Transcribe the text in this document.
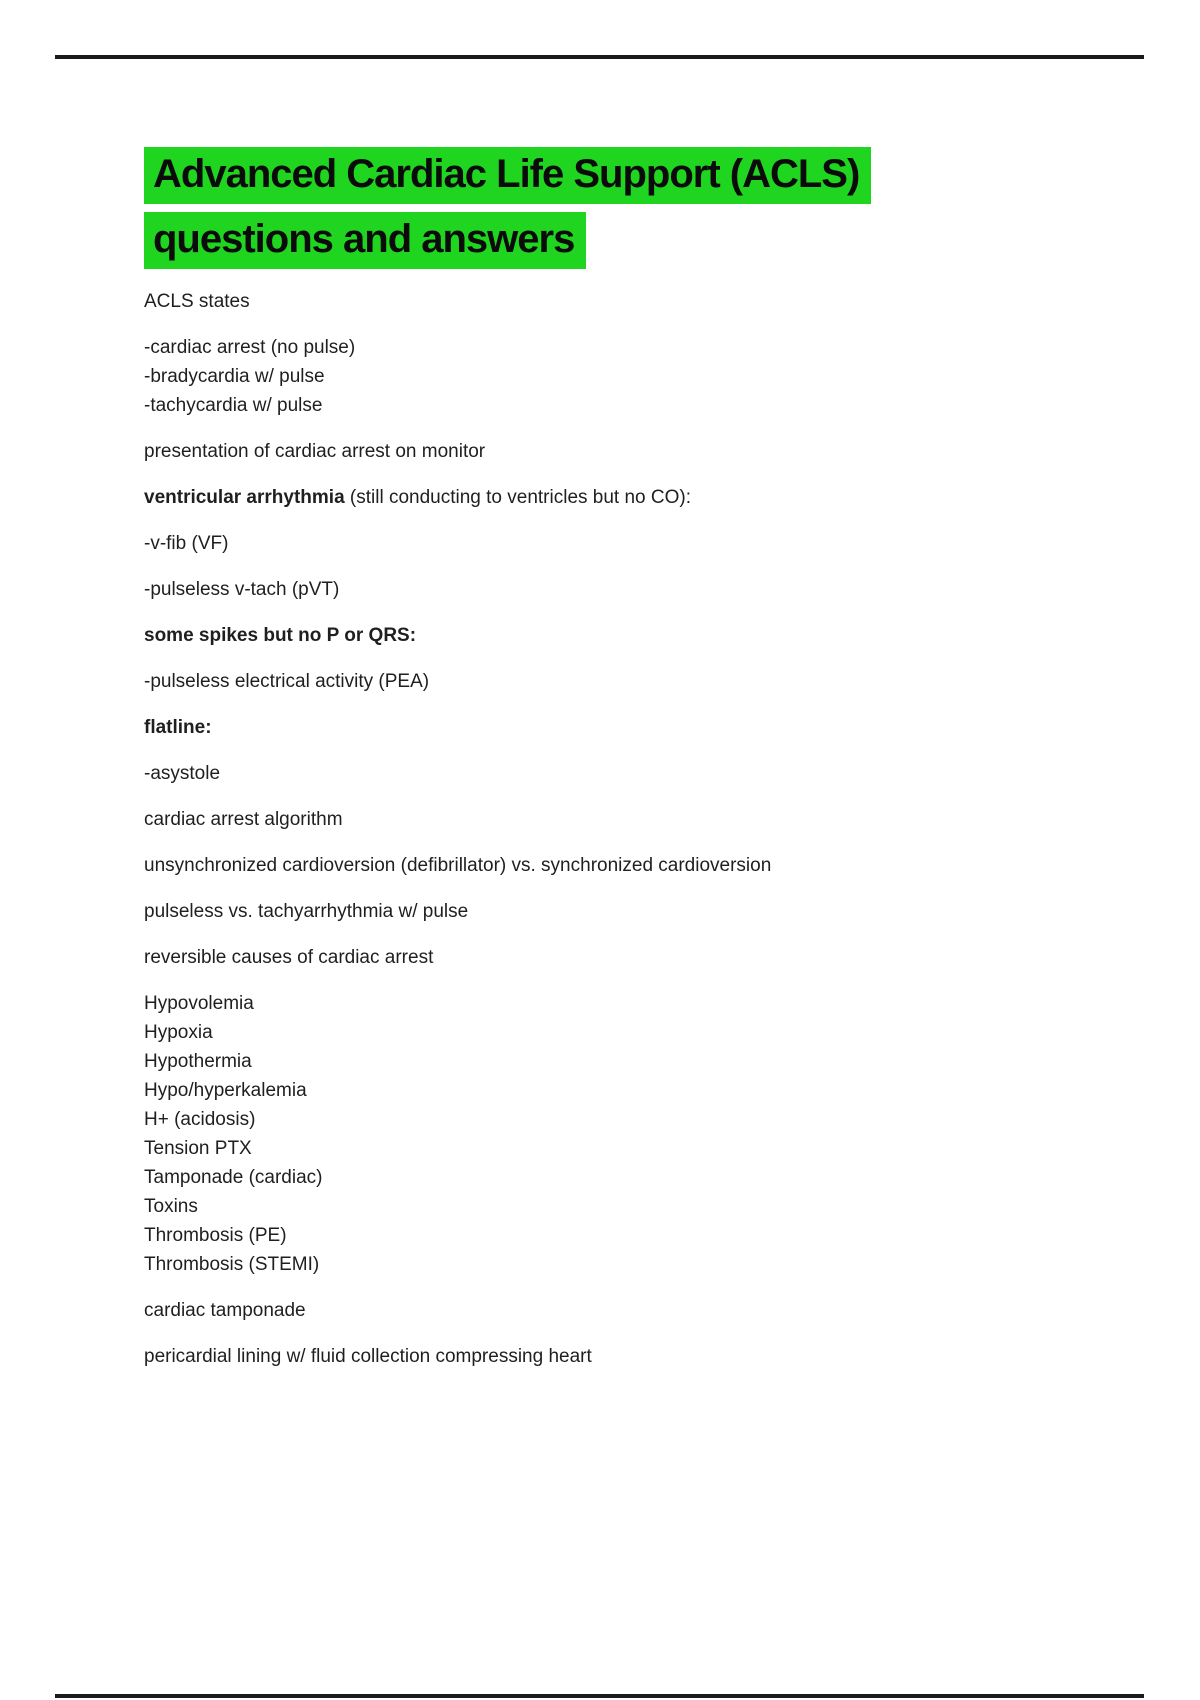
Advanced Cardiac Life Support (ACLS)
questions and answers

ACLS states

-cardiac arrest (no pulse)
-bradycardia w/ pulse
-tachycardia w/ pulse

presentation of cardiac arrest on monitor

ventricular arrhythmia (still conducting to ventricles but no CO):

-v-fib (VF)

-pulseless v-tach (pVT)

some spikes but no P or QRS:

-pulseless electrical activity (PEA)

flatline:

-asystole

cardiac arrest algorithm

unsynchronized cardioversion (defibrillator) vs. synchronized cardioversion

pulseless vs. tachyarrhythmia w/ pulse

reversible causes of cardiac arrest

Hypovolemia
Hypoxia
Hypothermia
Hypo/hyperkalemia
H+ (acidosis)
Tension PTX
Tamponade (cardiac)
Toxins
Thrombosis (PE)
Thrombosis (STEMI)

cardiac tamponade

pericardial lining w/ fluid collection compressing heart
